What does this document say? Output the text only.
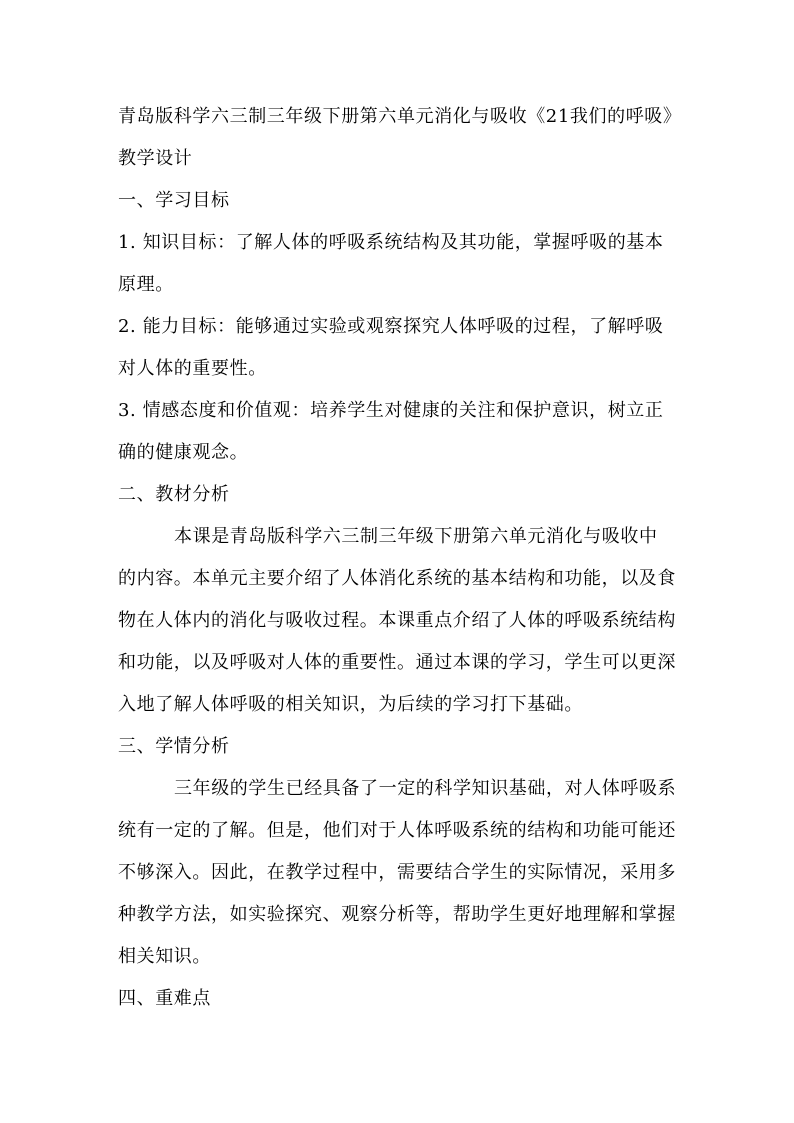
青岛版科学六三制三年级下册第六单元消化与吸收《21我们的呼吸》
教学设计
一、学习目标
1. 知识目标：了解人体的呼吸系统结构及其功能，掌握呼吸的基本
原理。
2. 能力目标：能够通过实验或观察探究人体呼吸的过程，了解呼吸
对人体的重要性。
3. 情感态度和价值观：培养学生对健康的关注和保护意识，树立正
确的健康观念。
二、教材分析
本课是青岛版科学六三制三年级下册第六单元消化与吸收中
的内容。本单元主要介绍了人体消化系统的基本结构和功能，以及食
物在人体内的消化与吸收过程。本课重点介绍了人体的呼吸系统结构
和功能，以及呼吸对人体的重要性。通过本课的学习，学生可以更深
入地了解人体呼吸的相关知识，为后续的学习打下基础。
三、学情分析
三年级的学生已经具备了一定的科学知识基础，对人体呼吸系
统有一定的了解。但是，他们对于人体呼吸系统的结构和功能可能还
不够深入。因此，在教学过程中，需要结合学生的实际情况，采用多
种教学方法，如实验探究、观察分析等，帮助学生更好地理解和掌握
相关知识。
四、重难点
